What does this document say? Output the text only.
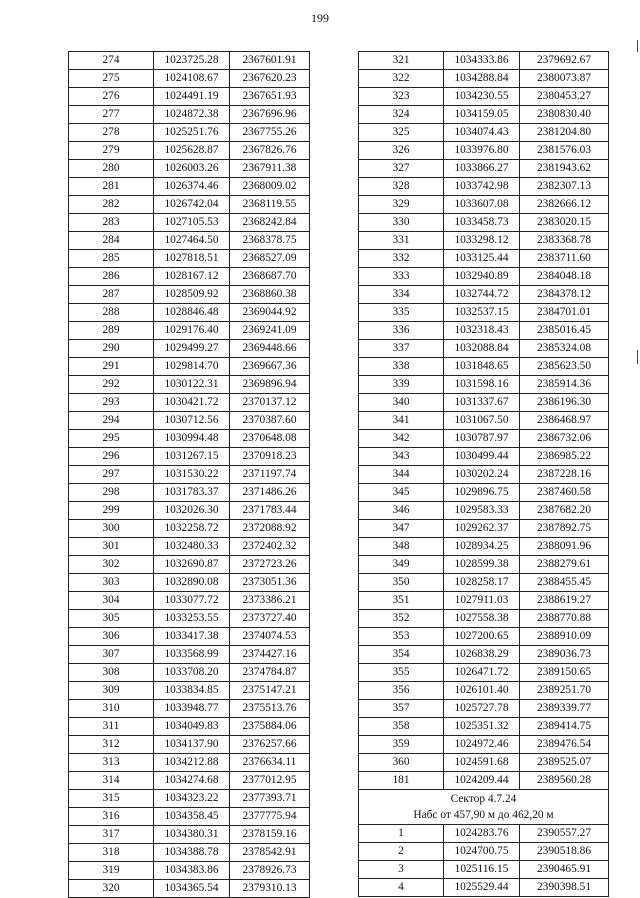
199
274	1023725.28	2367601.91
275	1024108.67	2367620.23
276	1024491.19	2367651.93
277	1024872.38	2367696.96
278	1025251.76	2367755.26
279	1025628.87	2367826.76
280	1026003.26	2367911.38
281	1026374.46	2368009.02
282	1026742.04	2368119.55
283	1027105.53	2368242.84
284	1027464.50	2368378.75
285	1027818.51	2368527.09
286	1028167.12	2368687.70
287	1028509.92	2368860.38
288	1028846.48	2369044.92
289	1029176.40	2369241.09
290	1029499.27	2369448.66
291	1029814.70	2369667.36
292	1030122.31	2369896.94
293	1030421.72	2370137.12
294	1030712.56	2370387.60
295	1030994.48	2370648.08
296	1031267.15	2370918.23
297	1031530.22	2371197.74
298	1031783.37	2371486.26
299	1032026.30	2371783.44
300	1032258.72	2372088.92
301	1032480.33	2372402.32
302	1032690.87	2372723.26
303	1032890.08	2373051.36
304	1033077.72	2373386.21
305	1033253.55	2373727.40
306	1033417.38	2374074.53
307	1033568.99	2374427.16
308	1033708.20	2374784.87
309	1033834.85	2375147.21
310	1033948.77	2375513.76
311	1034049.83	2375884.06
312	1034137.90	2376257.66
313	1034212.88	2376634.11
314	1034274.68	2377012.95
315	1034323.22	2377393.71
316	1034358.45	2377775.94
317	1034380.31	2378159.16
318	1034388.78	2378542.91
319	1034383.86	2378926.73
320	1034365.54	2379310.13
321	1034333.86	2379692.67
322	1034288.84	2380073.87
323	1034230.55	2380453.27
324	1034159.05	2380830.40
325	1034074.43	2381204.80
326	1033976.80	2381576.03
327	1033866.27	2381943.62
328	1033742.98	2382307.13
329	1033607.08	2382666.12
330	1033458.73	2383020.15
331	1033298.12	2383368.78
332	1033125.44	2383711.60
333	1032940.89	2384048.18
334	1032744.72	2384378.12
335	1032537.15	2384701.01
336	1032318.43	2385016.45
337	1032088.84	2385324.08
338	1031848.65	2385623.50
339	1031598.16	2385914.36
340	1031337.67	2386196.30
341	1031067.50	2386468.97
342	1030787.97	2386732.06
343	1030499.44	2386985.22
344	1030202.24	2387228.16
345	1029896.75	2387460.58
346	1029583.33	2387682.20
347	1029262.37	2387892.75
348	1028934.25	2388091.96
349	1028599.38	2388279.61
350	1028258.17	2388455.45
351	1027911.03	2388619.27
352	1027558.38	2388770.88
353	1027200.65	2388910.09
354	1026838.29	2389036.73
355	1026471.72	2389150.65
356	1026101.40	2389251.70
357	1025727.78	2389339.77
358	1025351.32	2389414.75
359	1024972.46	2389476.54
360	1024591.68	2389525.07
181	1024209.44	2389560.28

Сектор 4.7.24
Набс от 457,90 м до 462,20 м		

1	1024283.76	2390557.27
2	1024700.75	2390518.86
3	1025116.15	2390465.91
4	1025529.44	2390398.51
